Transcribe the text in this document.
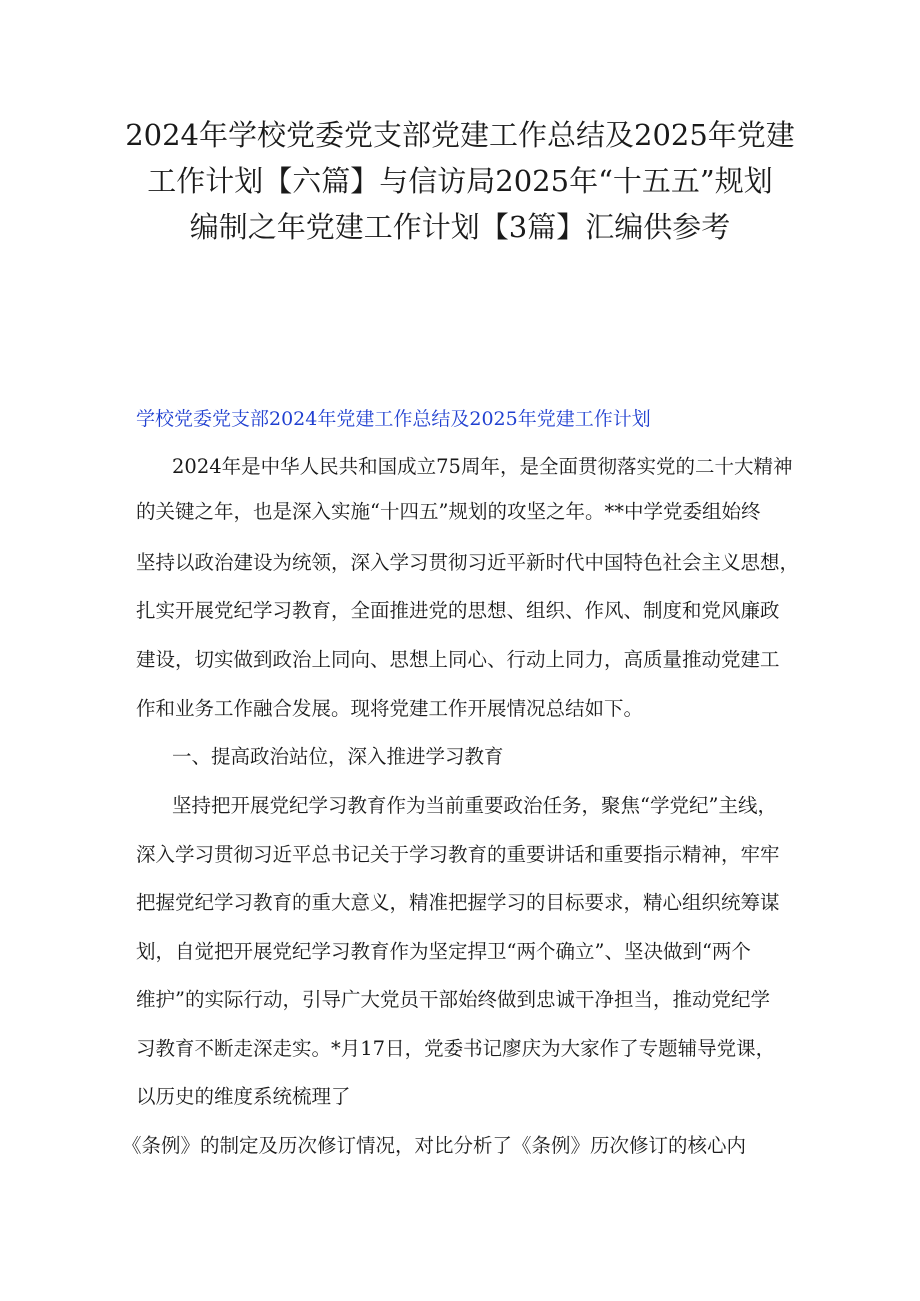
2024年学校党委党支部党建工作总结及2025年党建
工作计划【六篇】与信访局2025年“十五五”规划
编制之年党建工作计划【3篇】汇编供参考
学校党委党支部2024年党建工作总结及2025年党建工作计划

2024年是中华人民共和国成立75周年，是全面贯彻落实党的二十大精神

的关键之年，也是深入实施“十四五”规划的攻坚之年。**中学党委组始终

坚持以政治建设为统领，深入学习贯彻习近平新时代中国特色社会主义思想，

扎实开展党纪学习教育，全面推进党的思想、组织、作风、制度和党风廉政

建设，切实做到政治上同向、思想上同心、行动上同力，高质量推动党建工

作和业务工作融合发展。现将党建工作开展情况总结如下。

一、提高政治站位，深入推进学习教育

坚持把开展党纪学习教育作为当前重要政治任务，聚焦“学党纪”主线，

深入学习贯彻习近平总书记关于学习教育的重要讲话和重要指示精神，牢牢

把握党纪学习教育的重大意义，精准把握学习的目标要求，精心组织统筹谋

划，自觉把开展党纪学习教育作为坚定捍卫“两个确立”、坚决做到“两个

维护”的实际行动，引导广大党员干部始终做到忠诚干净担当，推动党纪学

习教育不断走深走实。*月17日，党委书记廖庆为大家作了专题辅导党课，

以历史的维度系统梳理了

《条例》的制定及历次修订情况，对比分析了《条例》历次修订的核心内
